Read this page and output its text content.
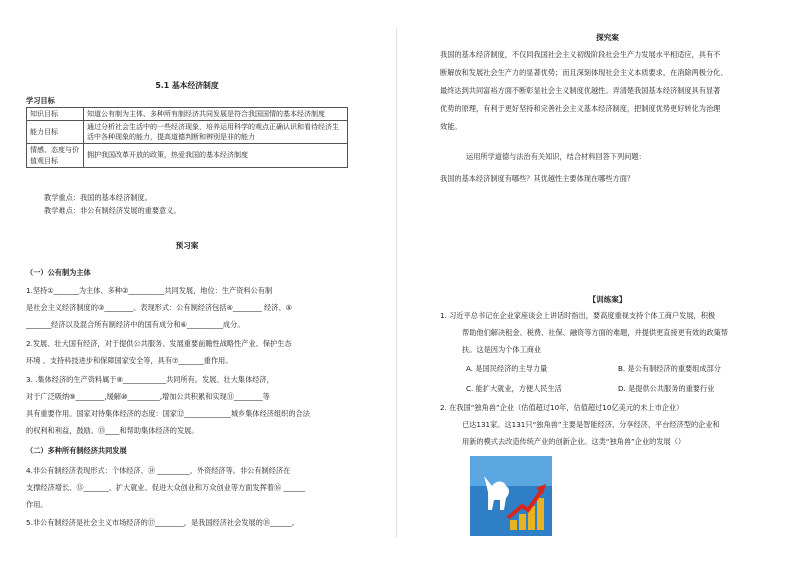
5.1 基本经济制度
学习目标
知识目标	知道公有制为主体、多种所有制经济共同发展是符合我国国情的基本经济制度
能力目标	通过分析社会生活中的一些经济现象，培养运用科学的观点正确认识和看待经济生活中各种现象的能力，提高道德判断和辨别是非的能力
情感、态度与价值观目标	拥护我国改革开放的政策，热爱我国的基本经济制度
教学重点：我国的基本经济制度。
教学难点：非公有制经济发展的重要意义。
预习案
（一）公有制为主体
1.坚持①_______为主体、多种②__________共同发展，地位：生产资料公有制
是社会主义经济制度的③________。表现形式：公有制经济包括④________ 经济、⑤
_______经济以及混合所有制经济中的国有成分和⑥__________成分。
2.发展、壮大国有经济，对于提供公共服务、发展重要前瞻性战略性产业、保护生态
环境 、支持科技进步和保障国家安全等，具有⑦_______重作用。
3. .集体经济的生产资料属于⑧____________共同所有。发展、壮大集体经济，
对于广泛吸纳⑨________,缓解⑩_________,增加公共积累和实现⑪________等
具有重要作用。国家对待集体经济的态度：国家⑫_____________城乡集体经济组织的合法
的权利和利益，鼓励、⑬____和帮助集体经济的发展。
（二）多种所有制经济共同发展
4.非公有制经济表现形式：个体经济、⑭ _________、外资经济等。非公有制经济在
支撑经济增长、⑮_______、扩大就业、促进大众创业和万众创业等方面发挥着⑯ ______
作用。
5.非公有制经济是社会主义市场经济的⑰________，是我国经济社会发展的⑱______。
探究案
我国的基本经济制度，不仅同我国社会主义初级阶段社会生产力发展水平相适应，具有不
断解放和发展社会生产力的显著优势；而且深刻体现社会主义本质要求，在消除两极分化、
最终达到共同富裕方面不断彰显社会主义制度优越性。弄清楚我国基本经济制度具有显著
优势的原理，有利于更好坚持和完善社会主义基本经济制度，把制度优势更好转化为治理
效能。
运用所学道德与法治有关知识，结合材料回答下列问题：
我国的基本经济制度有哪些？其优越性主要体现在哪些方面？
【训练案】
1. 习近平总书记在企业家座谈会上讲话时指出，要高度重视支持个体工商户发展，积极
帮助他们解决租金、税费、社保、融资等方面的难题，并提供更直接更有效的政策帮
扶。这是因为个体工商业
A. 是国民经济的主导力量	B. 是公有制经济的重要组成部分
C. 能扩大就业，方便人民生活	D. 是提供公共服务的重要行业
2. 在我国“独角兽”企业（估值超过10年，估值超过10亿美元的未上市企业）
已达131家。这131只“独角兽”主要是智能经济、分享经济、平台经济型的企业和
用新的模式去改造传统产业的创新企业。这类“独角兽”企业的发展（）
